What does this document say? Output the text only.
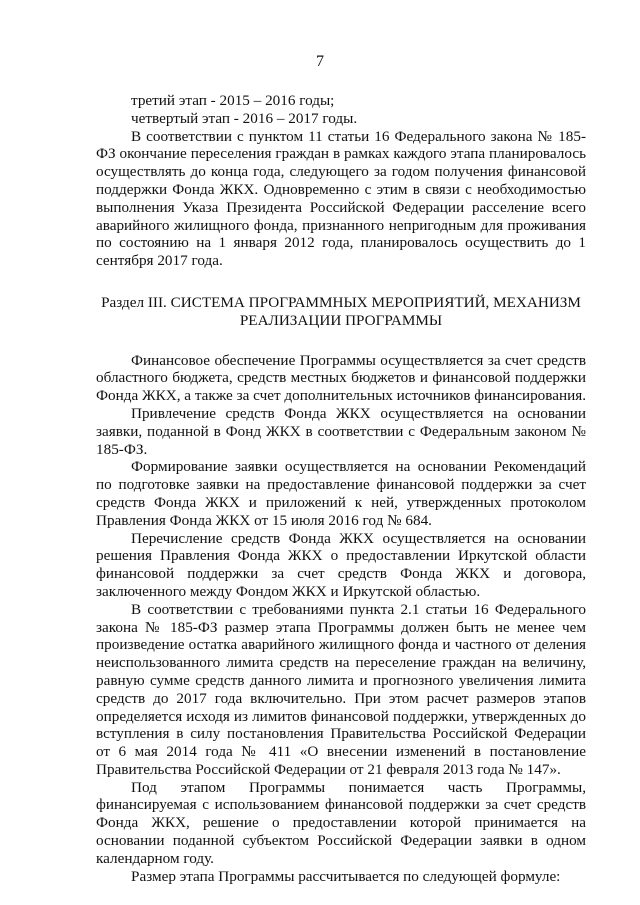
7

третий этап - 2015 – 2016 годы;

четвертый этап - 2016 – 2017 годы.

В соответствии с пунктом 11 статьи 16 Федерального закона № 185-ФЗ окончание переселения граждан в рамках каждого этапа планировалось осуществлять до конца года, следующего за годом получения финансовой поддержки Фонда ЖКХ. Одновременно с этим в связи с необходимостью выполнения Указа Президента Российской Федерации расселение всего аварийного жилищного фонда, признанного непригодным для проживания по состоянию на 1 января 2012 года, планировалось осуществить до 1 сентября 2017 года.

Раздел III. СИСТЕМА ПРОГРАММНЫХ МЕРОПРИЯТИЙ, МЕХАНИЗМ
РЕАЛИЗАЦИИ ПРОГРАММЫ

Финансовое обеспечение Программы осуществляется за счет средств областного бюджета, средств местных бюджетов и финансовой поддержки Фонда ЖКХ, а также за счет дополнительных источников финансирования.

Привлечение средств Фонда ЖКХ осуществляется на основании заявки, поданной в Фонд ЖКХ в соответствии с Федеральным законом № 185-ФЗ.

Формирование заявки осуществляется на основании Рекомендаций по подготовке заявки на предоставление финансовой поддержки за счет средств Фонда ЖКХ и приложений к ней, утвержденных протоколом Правления Фонда ЖКХ от 15 июля 2016 год № 684.

Перечисление средств Фонда ЖКХ осуществляется на основании решения Правления Фонда ЖКХ о предоставлении Иркутской области финансовой поддержки за счет средств Фонда ЖКХ и договора, заключенного между Фондом ЖКХ и Иркутской областью.

В соответствии с требованиями пункта 2.1 статьи 16 Федерального закона № 185-ФЗ размер этапа Программы должен быть не менее чем произведение остатка аварийного жилищного фонда и частного от деления неиспользованного лимита средств на переселение граждан на величину, равную сумме средств данного лимита и прогнозного увеличения лимита средств до 2017 года включительно. При этом расчет размеров этапов определяется исходя из лимитов финансовой поддержки, утвержденных до вступления в силу постановления Правительства Российской Федерации от 6 мая 2014 года № 411 «О внесении изменений в постановление Правительства Российской Федерации от 21 февраля 2013 года № 147».

Под этапом Программы понимается часть Программы, финансируемая с использованием финансовой поддержки за счет средств Фонда ЖКХ, решение о предоставлении которой принимается на основании поданной субъектом Российской Федерации заявки в одном календарном году.

Размер этапа Программы рассчитывается по следующей формуле:
